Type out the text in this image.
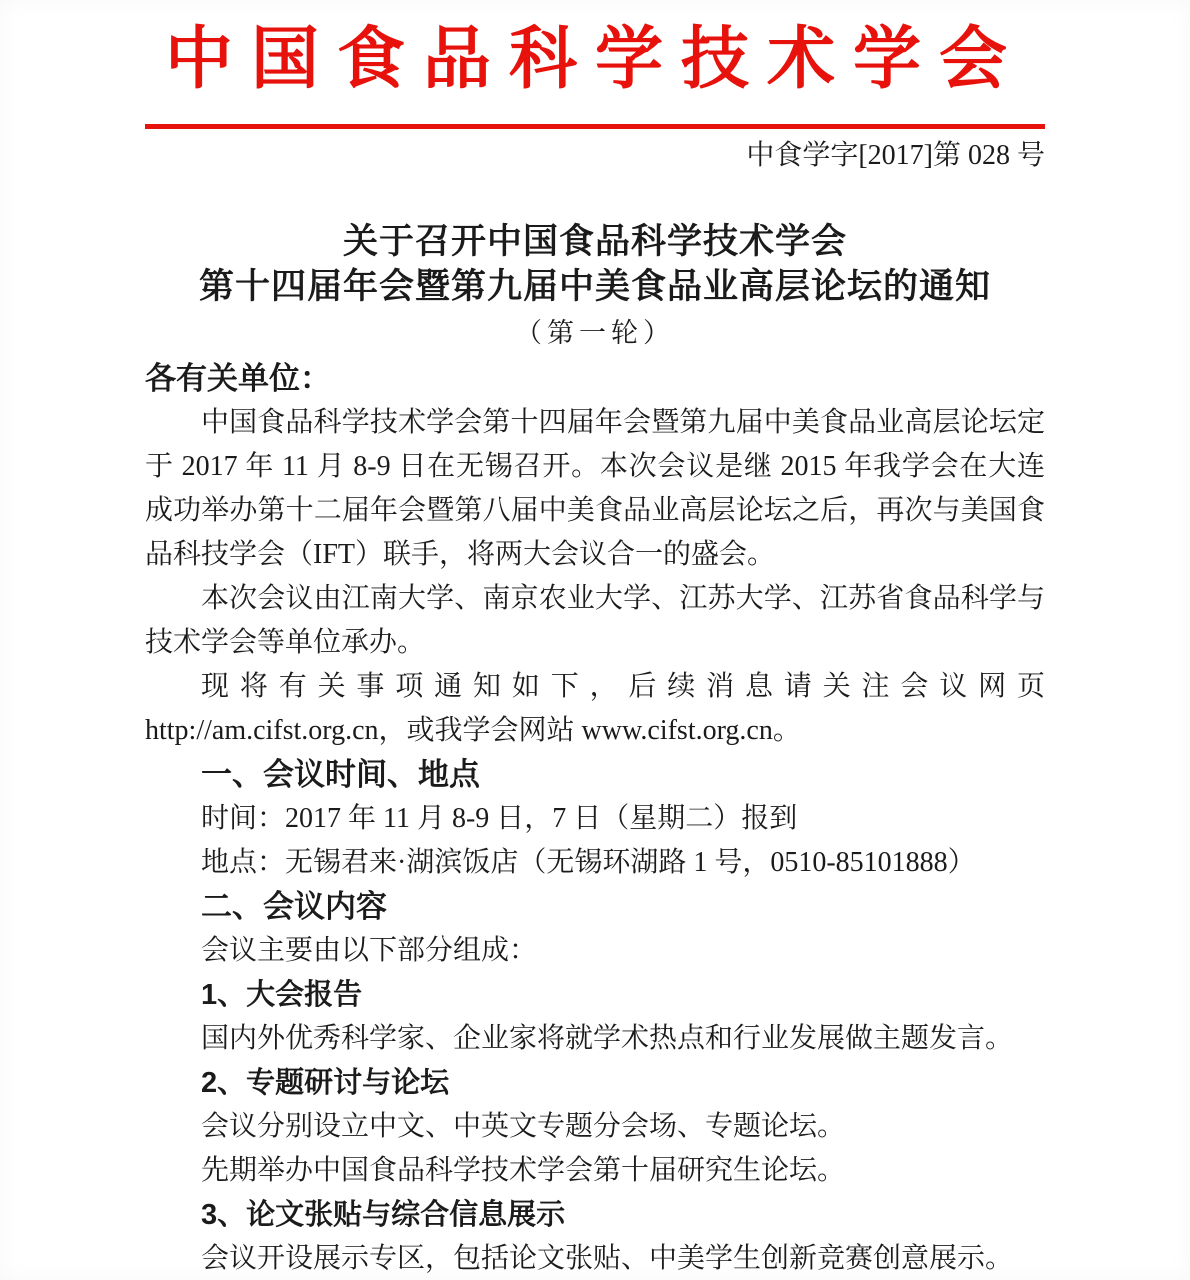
中国食品科学技术学会
中食学字[2017]第 028 号
关于召开中国食品科学技术学会
第十四届年会暨第九届中美食品业高层论坛的通知
（第一轮）

各有关单位：

中国食品科学技术学会第十四届年会暨第九届中美食品业高层论坛定于 2017 年 11 月 8-9 日在无锡召开。本次会议是继 2015 年我学会在大连成功举办第十二届年会暨第八届中美食品业高层论坛之后，再次与美国食品科技学会（IFT）联手，将两大会议合一的盛会。

本次会议由江南大学、南京农业大学、江苏大学、江苏省食品科学与技术学会等单位承办。

现将有关事项通知如下，后续消息请关注会议网页 http://am.cifst.org.cn，或我学会网站 www.cifst.org.cn。

一、会议时间、地点

时间：2017 年 11 月 8-9 日，7 日（星期二）报到

地点：无锡君来·湖滨饭店（无锡环湖路 1 号，0510-85101888）

二、会议内容

会议主要由以下部分组成：

1、大会报告

国内外优秀科学家、企业家将就学术热点和行业发展做主题发言。

2、专题研讨与论坛

会议分别设立中文、中英文专题分会场、专题论坛。

先期举办中国食品科学技术学会第十届研究生论坛。

3、论文张贴与综合信息展示

会议开设展示专区，包括论文张贴、中美学生创新竞赛创意展示。
